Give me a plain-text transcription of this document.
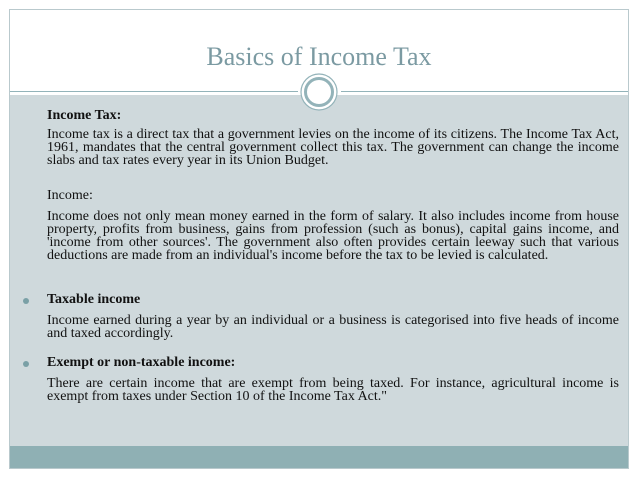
Basics of Income Tax
Income Tax:
Income tax is a direct tax that a government levies on the income of its citizens. The Income Tax Act, 1961, mandates that the central government collect this tax. The government can change the income slabs and tax rates every year in its Union Budget.
Income:
Income does not only mean money earned in the form of salary. It also includes income from house property, profits from business, gains from profession (such as bonus), capital gains income, and 'income from other sources'. The government also often provides certain leeway such that various deductions are made from an individual's income before the tax to be levied is calculated.
Taxable income
Income earned during a year by an individual or a business is categorised into five heads of income and taxed accordingly.
Exempt or non-taxable income:
There are certain income that are exempt from being taxed. For instance, agricultural income is exempt from taxes under Section 10 of the Income Tax Act."
